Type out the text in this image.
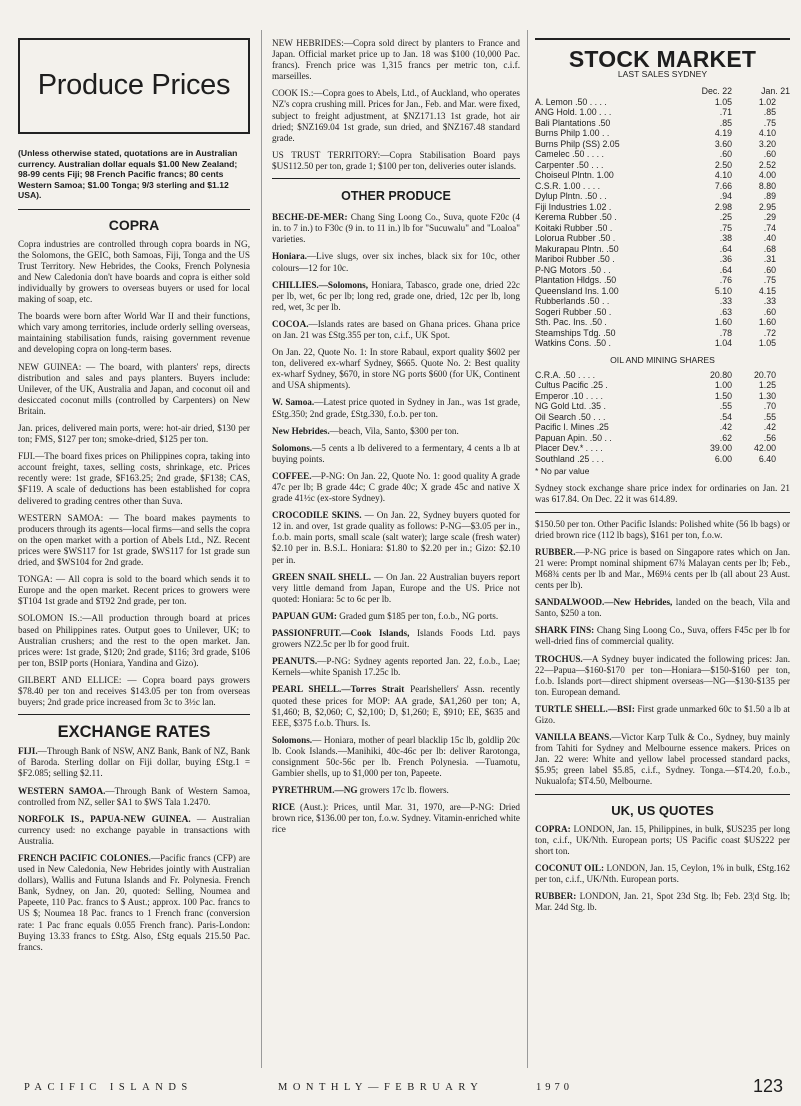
Produce Prices
(Unless otherwise stated, quotations are in Australian currency. Australian dollar equals $1.00 New Zealand; 98-99 cents Fiji; 98 French Pacific francs; 80 cents Western Samoa; $1.00 Tonga; 9/3 sterling and $1.12 USA).
COPRA

Copra industries are controlled through copra boards in NG, the Solomons, the GEIC, both Samoas, Fiji, Tonga and the US Trust Territory. New Hebrides, the Cooks, French Polynesia and New Caledonia don't have boards and copra is either sold individually by growers to overseas buyers or used for local making of soap, etc.

The boards were born after World War II and their functions, which vary among territories, include orderly selling overseas, maintaining stabilisation funds, raising government revenue and developing copra on long-term bases.

NEW GUINEA: — The board, with planters' reps, directs distribution and sales and pays planters. Buyers include: Unilever, of the UK, Australia and Japan, and coconut oil and desiccated coconut mills (controlled by Carpenters) on New Britain.

Jan. prices, delivered main ports, were: hot-air dried, $130 per ton; FMS, $127 per ton; smoke-dried, $125 per ton.

FIJI.—The board fixes prices on Philippines copra, taking into account freight, taxes, selling costs, shrinkage, etc. Prices recently were: 1st grade, $F163.25; 2nd grade, $F138; CAS, $F119. A scale of deductions has been established for copra delivered to grading centres other than Suva.

WESTERN SAMOA: — The board makes payments to producers through its agents—local firms—and sells the copra on the open market with a portion of Abels Ltd., NZ. Recent prices were $WS117 for 1st grade, $WS117 for 1st grade sun dried, and $WS104 for 2nd grade.

TONGA: — All copra is sold to the board which sends it to Europe and the open market. Recent prices to growers were $T104 1st grade and $T92 2nd grade, per ton.

SOLOMON IS.:—All production through board at prices based on Philippines rates. Output goes to Unilever, UK; to Australian crushers; and the rest to the open market. Jan. prices were: 1st grade, $120; 2nd grade, $116; 3rd grade, $106 per ton, BSIP ports (Honiara, Yandina and Gizo).

GILBERT AND ELLICE: — Copra board pays growers $78.40 per ton and receives $143.05 per ton from overseas buyers; 2nd grade price increased from 3c to 3½c lan.

EXCHANGE RATES

FIJI.—Through Bank of NSW, ANZ Bank, Bank of NZ, Bank of Baroda. Sterling dollar on Fiji dollar, buying £Stg.1 = $F2.085; selling $2.11.

WESTERN SAMOA.—Through Bank of Western Samoa, controlled from NZ, seller $A1 to $WS Tala 1.2470.

NORFOLK IS., PAPUA-NEW GUINEA. — Australian currency used: no exchange payable in transactions with Australia.

FRENCH PACIFIC COLONIES.—Pacific francs (CFP) are used in New Caledonia, New Hebrides jointly with Australian dollars), Wallis and Futuna Islands and Fr. Polynesia. French Bank, Sydney, on Jan. 20, quoted: Selling, Noumea and Papeete, 110 Pac. francs to $ Aust.; approx. 100 Pac. francs to US $; Noumea 18 Pac. francs to 1 French franc (conversion rate: 1 Pac franc equals 0.055 French franc). Paris-London: Buying 13.33 francs to £Stg. Also, £Stg equals 215.50 Pac. francs.

NEW HEBRIDES:—Copra sold direct by planters to France and Japan. Official market price up to Jan. 18 was $100 (10,000 Pac. francs). French price was 1,315 francs per metric ton, c.i.f. marseilles.

COOK IS.:—Copra goes to Abels, Ltd., of Auckland, who operates NZ's copra crushing mill. Prices for Jan., Feb. and Mar. were fixed, subject to freight adjustment, at $NZ171.13 1st grade, hot air dried; $NZ169.04 1st grade, sun dried, and $NZ167.48 standard grade.

US TRUST TERRITORY:—Copra Stabilisation Board pays $US112.50 per ton, grade 1; $100 per ton, deliveries outer islands.

OTHER PRODUCE

BECHE-DE-MER: Chang Sing Loong Co., Suva, quote F20c (4 in. to 7 in.) to F30c (9 in. to 11 in.) lb for "Sucuwalu" and "Loaloa" varieties.

Honiara.—Live slugs, over six inches, black six for 10c, other colours—12 for 10c.

CHILLIES.—Solomons, Honiara, Tabasco, grade one, dried 22c per lb, wet, 6c per lb; long red, grade one, dried, 12c per lb, long red, wet, 3c per lb.

COCOA.—Islands rates are based on Ghana prices. Ghana price on Jan. 21 was £Stg.355 per ton, c.i.f., UK Spot.

On Jan. 22, Quote No. 1: In store Rabaul, export quality $602 per ton, delivered ex-wharf Sydney, $665. Quote No. 2: Best quality ex-wharf Sydney, $670, in store NG ports $600 (for UK, Continent and USA shipments).

W. Samoa.—Latest price quoted in Sydney in Jan., was 1st grade, £Stg.350; 2nd grade, £Stg.330, f.o.b. per ton.

New Hebrides.—beach, Vila, Santo, $300 per ton.

Solomons.—5 cents a lb delivered to a fermentary, 4 cents a lb at buying points.

COFFEE.—P-NG: On Jan. 22, Quote No. 1: good quality A grade 47c per lb; B grade 44c; C grade 40c; X grade 45c and native X grade 41½c (ex-store Sydney).

CROCODILE SKINS. — On Jan. 22, Sydney buyers quoted for 12 in. and over, 1st grade quality as follows: P-NG—$3.05 per in., f.o.b. main ports, small scale (salt water); large scale (fresh water) $2.10 per in. B.S.I.. Honiara: $1.80 to $2.20 per in.; Gizo: $2.10 per in.

GREEN SNAIL SHELL. — On Jan. 22 Australian buyers report very little demand from Japan, Europe and the US. Price not quoted: Honiara: 5c to 6c per lb.

PAPUAN GUM: Graded gum $185 per ton, f.o.b., NG ports.

PASSIONFRUIT.—Cook Islands, Islands Foods Ltd. pays growers NZ2.5c per lb for good fruit.

PEANUTS.—P-NG: Sydney agents reported Jan. 22, f.o.b., Lae; Kernels—white Spanish 17.25c lb.

PEARL SHELL.—Torres Strait Pearlshellers' Assn. recently quoted these prices for MOP: AA grade, $A1,260 per ton; A, $1,460; B, $2,060; C, $2,100; D, $1,260; E, $910; EE, $635 and EEE, $375 f.o.b. Thurs. Is.

Solomons.— Honiara, mother of pearl blacklip 15c lb, goldlip 20c lb. Cook Islands.—Manihiki, 40c-46c per lb: deliver Rarotonga, consignment 50c-56c per lb. French Polynesia. —Tuamotu, Gambier shells, up to $1,000 per ton, Papeete.

PYRETHRUM.—NG growers 17c lb. flowers.

RICE (Aust.): Prices, until Mar. 31, 1970, are—P-NG: Dried brown rice, $136.00 per ton, f.o.w. Sydney. Vitamin-enriched white rice

STOCK MARKET
LAST SALES SYDNEY
	Dec. 22	Jan. 21
A. Lemon .50 . . . .	1.05	1.02
ANG Hold. 1.00 . . .	.71	.85
Bali Plantations .50	.85	.75
Burns Philp 1.00 . .	4.19	4.10
Burns Philp (SS) 2.05	3.60	3.20
Camelec .50 . . . .	.60	.60
Carpenter .50 . . .	2.50	2.52
Choiseul Plntn. 1.00	4.10	4.00
C.S.R. 1.00 . . . .	7.66	8.80
Dylup Plntn. .50 . .	.94	.89
Fiji Industries 1.02 .	2.98	2.95
Kerema Rubber .50 .	.25	.29
Koitaki Rubber .50 .	.75	.74
Lolorua Rubber .50 .	.38	.40
Makurapau Plntn. .50	.64	.68
Mariboi Rubber .50 .	.36	.31
P-NG Motors .50 . .	.64	.60
Plantation Hldgs. .50	.76	.75
Queensland Ins. 1.00	5.10	4.15
Rubberlands .50 . .	.33	.33
Sogeri Rubber .50 .	.63	.60
Sth. Pac. Ins. .50 .	1.60	1.60
Steamships Tdg. .50	.78	.72
Watkins Cons. .50 .	1.04	1.05
OIL AND MINING SHARES
C.R.A. .50 . . . .	20.80	20.70
Cultus Pacific .25 .	1.00	1.25
Emperor .10 . . . .	1.50	1.30
NG Gold Ltd. .35 .	.55	.70
Oil Search .50 . . .	.54	.55
Pacific I. Mines .25	.42	.42
Papuan Apin. .50 . .	.62	.56
Placer Dev.* . . . .	39.00	42.00
Southland .25 . . .	6.00	6.40
* No par value

Sydney stock exchange share price index for ordinaries on Jan. 21 was 617.84. On Dec. 22 it was 614.89.

$150.50 per ton. Other Pacific Islands: Polished white (56 lb bags) or dried brown rice (112 lb bags), $161 per ton, f.o.w.

RUBBER.—P-NG price is based on Singapore rates which on Jan. 21 were: Prompt nominal shipment 67¾ Malayan cents per lb; Feb., M68¾ cents per lb and Mar., M69¼ cents per lb (all about 23 Aust. cents per lb).

SANDALWOOD.—New Hebrides, landed on the beach, Vila and Santo, $250 a ton.

SHARK FINS: Chang Sing Loong Co., Suva, offers F45c per lb for well-dried fins of commercial quality.

TROCHUS.—A Sydney buyer indicated the following prices: Jan. 22—Papua—$160-$170 per ton—Honiara—$150-$160 per ton, f.o.b. Islands port—direct shipment overseas—NG—$130-$135 per ton. European demand.

TURTLE SHELL.—BSI: First grade unmarked 60c to $1.50 a lb at Gizo.

VANILLA BEANS.—Victor Karp Tulk & Co., Sydney, buy mainly from Tahiti for Sydney and Melbourne essence makers. Prices on Jan. 22 were: White and yellow label processed standard packs, $5.95; green label $5.85, c.i.f., Sydney. Tonga.—$T4.20, f.o.b., Nukualofa; $T4.50, Melbourne.

UK, US QUOTES

COPRA: LONDON, Jan. 15, Philippines, in bulk, $US235 per long ton, c.i.f., UK/Nth. European ports; US Pacific coast $US222 per short ton.

COCONUT OIL: LONDON, Jan. 15, Ceylon, 1% in bulk, £Stg.162 per ton, c.i.f., UK/Nth. European ports.

RUBBER: LONDON, Jan. 21, Spot 23d Stg. lb; Feb. 23¦d Stg. lb; Mar. 24d Stg. lb.

PACIFIC ISLANDS	MONTHLY—FEBRUARY	1970	123
